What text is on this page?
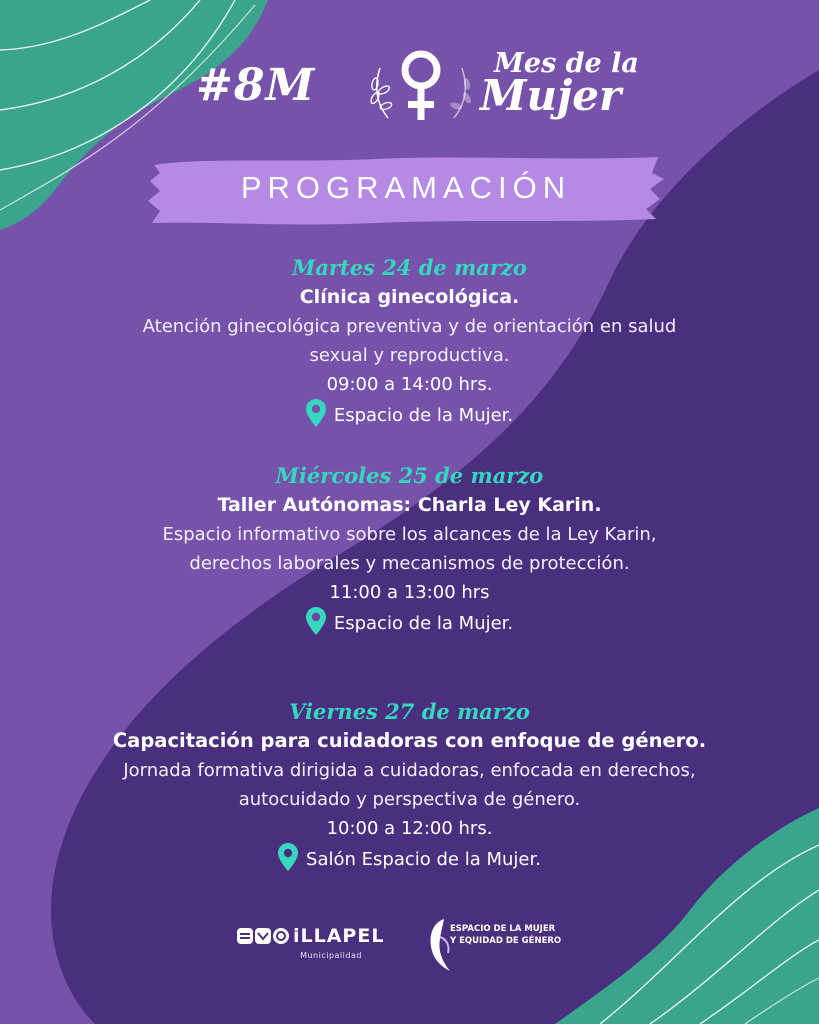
#8M	Mes de la
Mujer
PROGRAMACIÓN
Martes 24 de marzo
Clínica ginecológica.
Atención ginecológica preventiva y de orientación en salud
sexual y reproductiva.
09:00 a 14:00 hrs.
Espacio de la Mujer.
Miércoles 25 de marzo
Taller Autónomas: Charla Ley Karin.
Espacio informativo sobre los alcances de la Ley Karin,
derechos laborales y mecanismos de protección.
11:00 a 13:00 hrs
Espacio de la Mujer.
Viernes 27 de marzo
Capacitación para cuidadoras con enfoque de género.
Jornada formativa dirigida a cuidadoras, enfocada en derechos,
autocuidado y perspectiva de género.
10:00 a 12:00 hrs.
Salón Espacio de la Mujer.
iLLAPEL
Municipalidad
ESPACIO DE LA MUJER
Y EQUIDAD DE GÉNERO
